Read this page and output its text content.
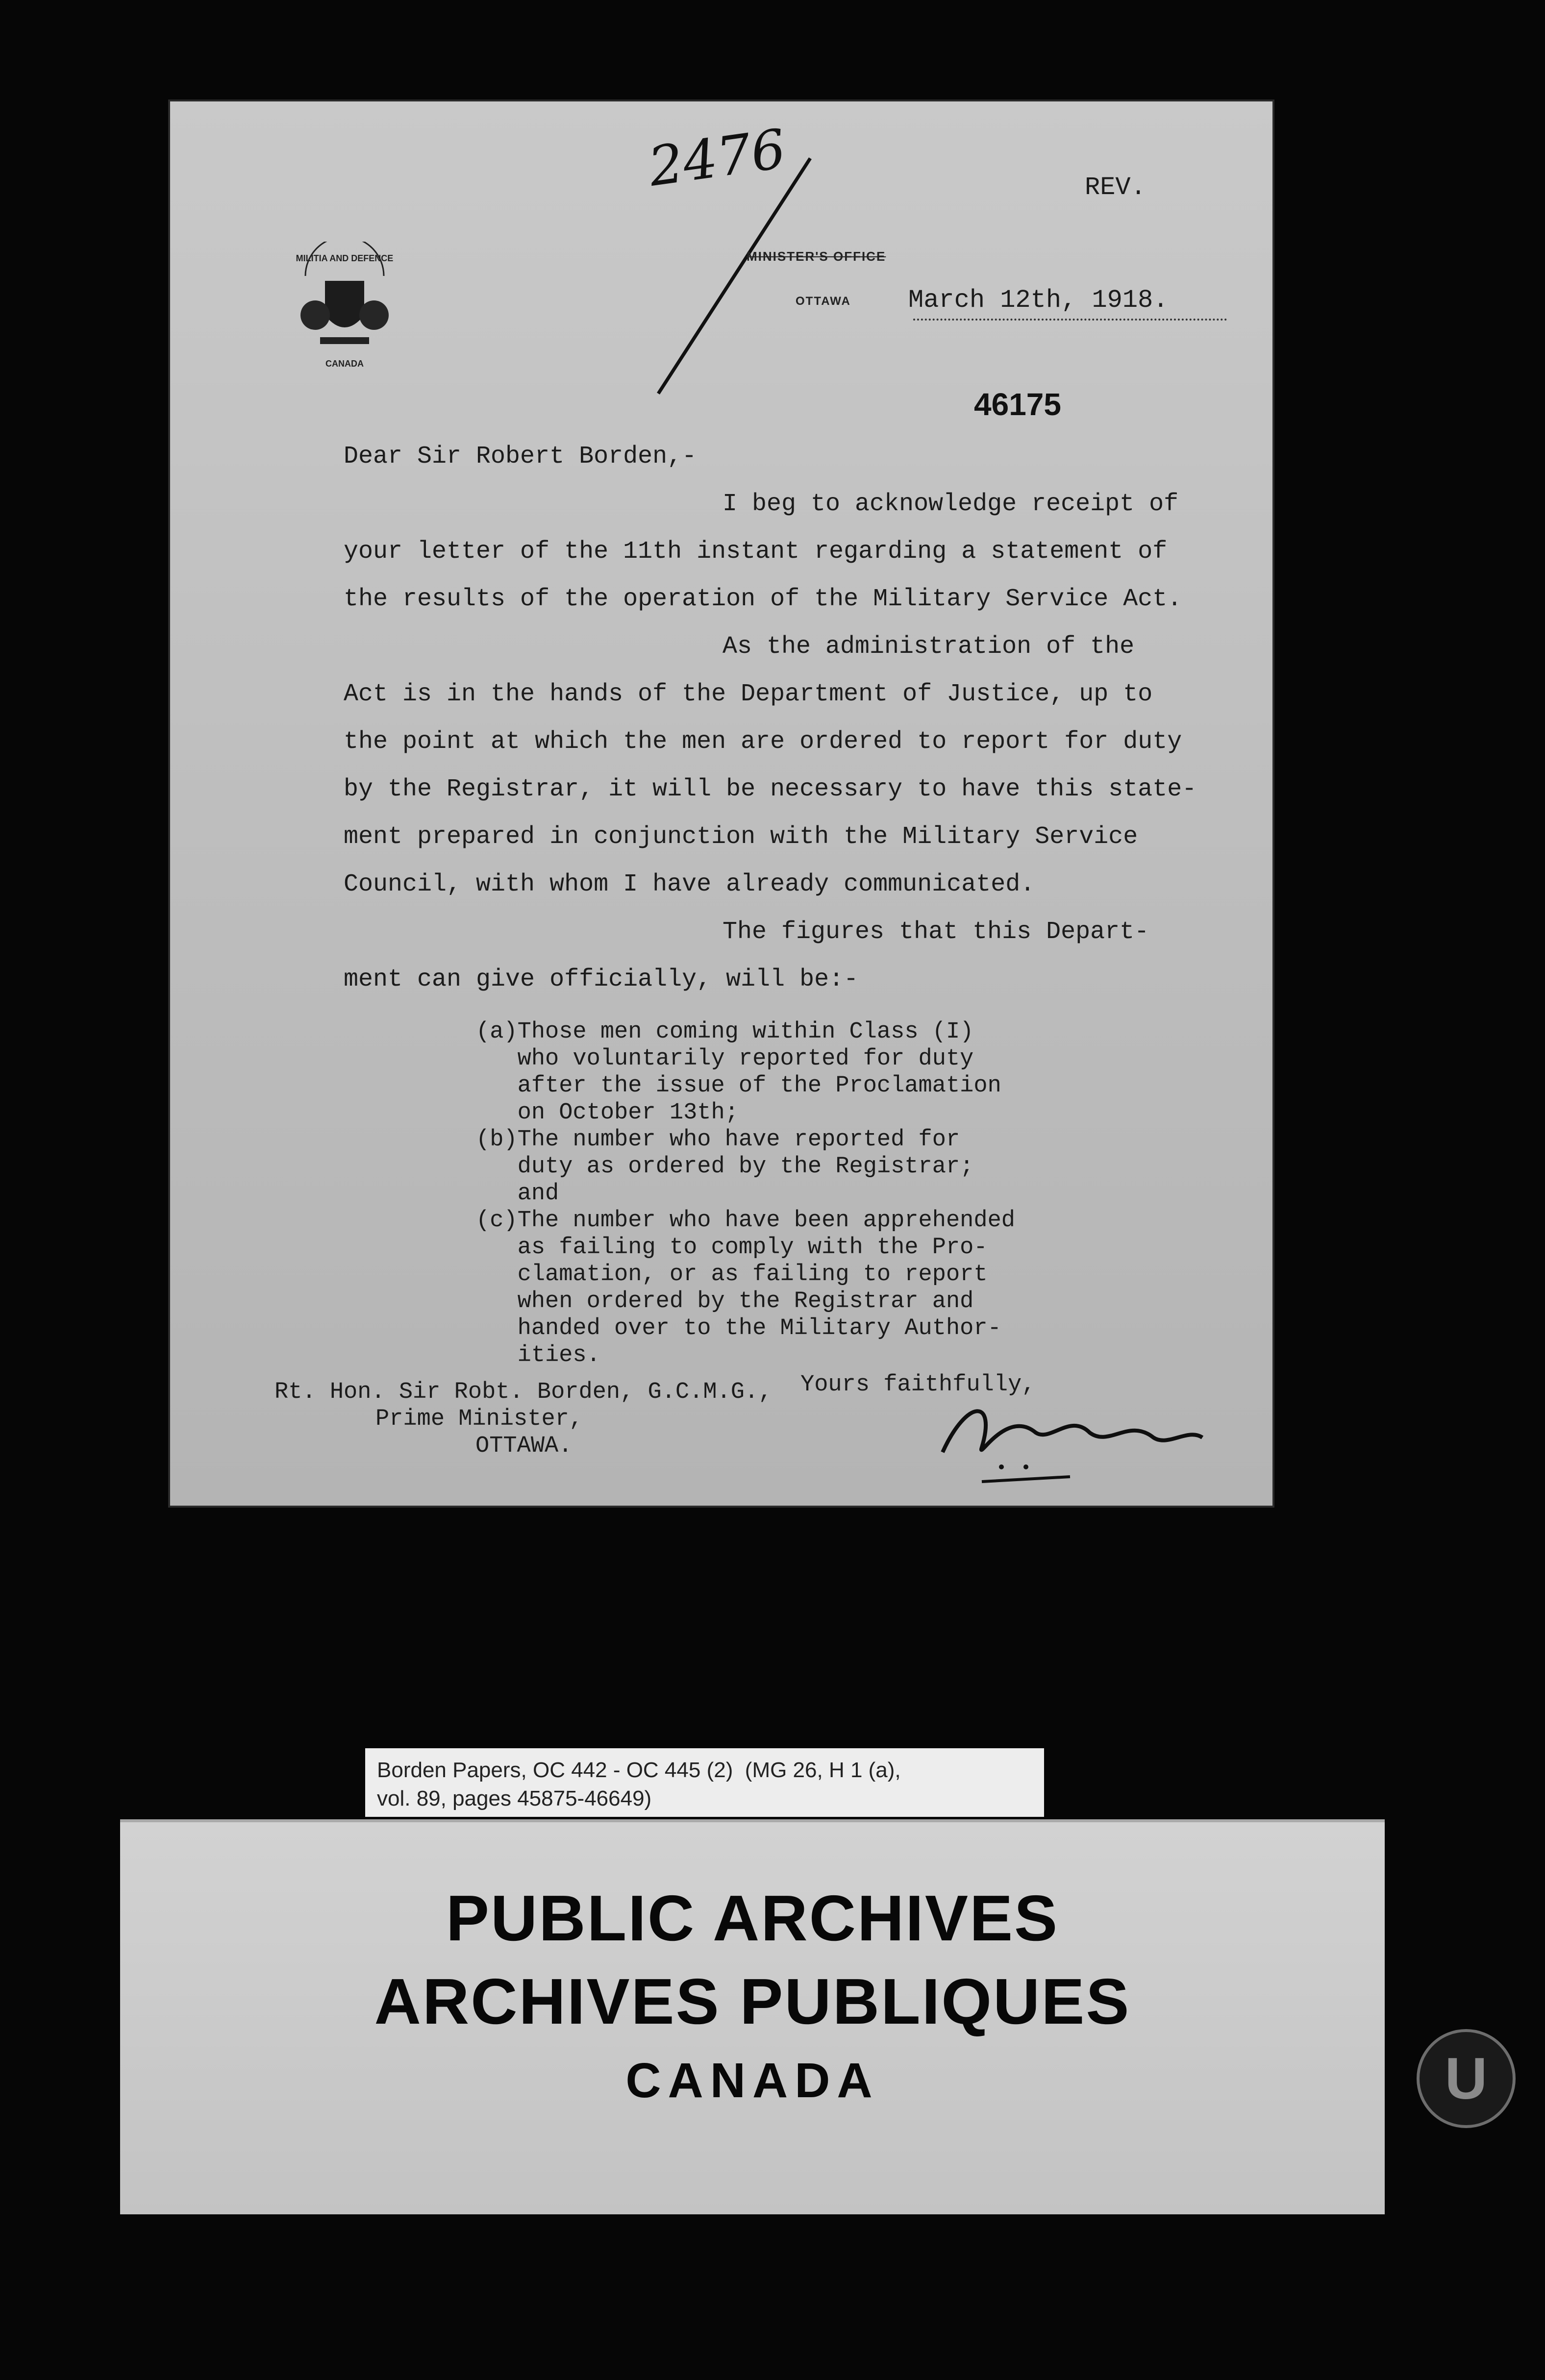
MILITIA AND DEFENCE
CANADA
2476	REV.
MINISTER'S OFFICE
OTTAWA March 12th, 1918.
46175
Dear Sir Robert Borden,-
I beg to acknowledge receipt of
your letter of the 11th instant regarding a statement of
the results of the operation of the Military Service Act.
As the administration of the
Act is in the hands of the Department of Justice, up to
the point at which the men are ordered to report for duty
by the Registrar, it will be necessary to have this state-
ment prepared in conjunction with the Military Service
Council, with whom I have already communicated.
The figures that this Depart-
ment can give officially, will be:-
(a)Those men coming within Class (I)
who voluntarily reported for duty
after the issue of the Proclamation
on October 13th;
(b)The number who have reported for
duty as ordered by the Registrar;
and
(c)The number who have been apprehended
as failing to comply with the Pro-
clamation, or as failing to report
when ordered by the Registrar and
handed over to the Military Author-
ities.
Yours faithfully,
Rt. Hon. Sir Robt. Borden, G.C.M.G.,
Prime Minister,
OTTAWA.
Borden Papers, OC 442 - OC 445 (2)  (MG 26, H 1 (a),
vol. 89, pages 45875-46649)
PUBLIC ARCHIVES
ARCHIVES PUBLIQUES
CANADA	U
